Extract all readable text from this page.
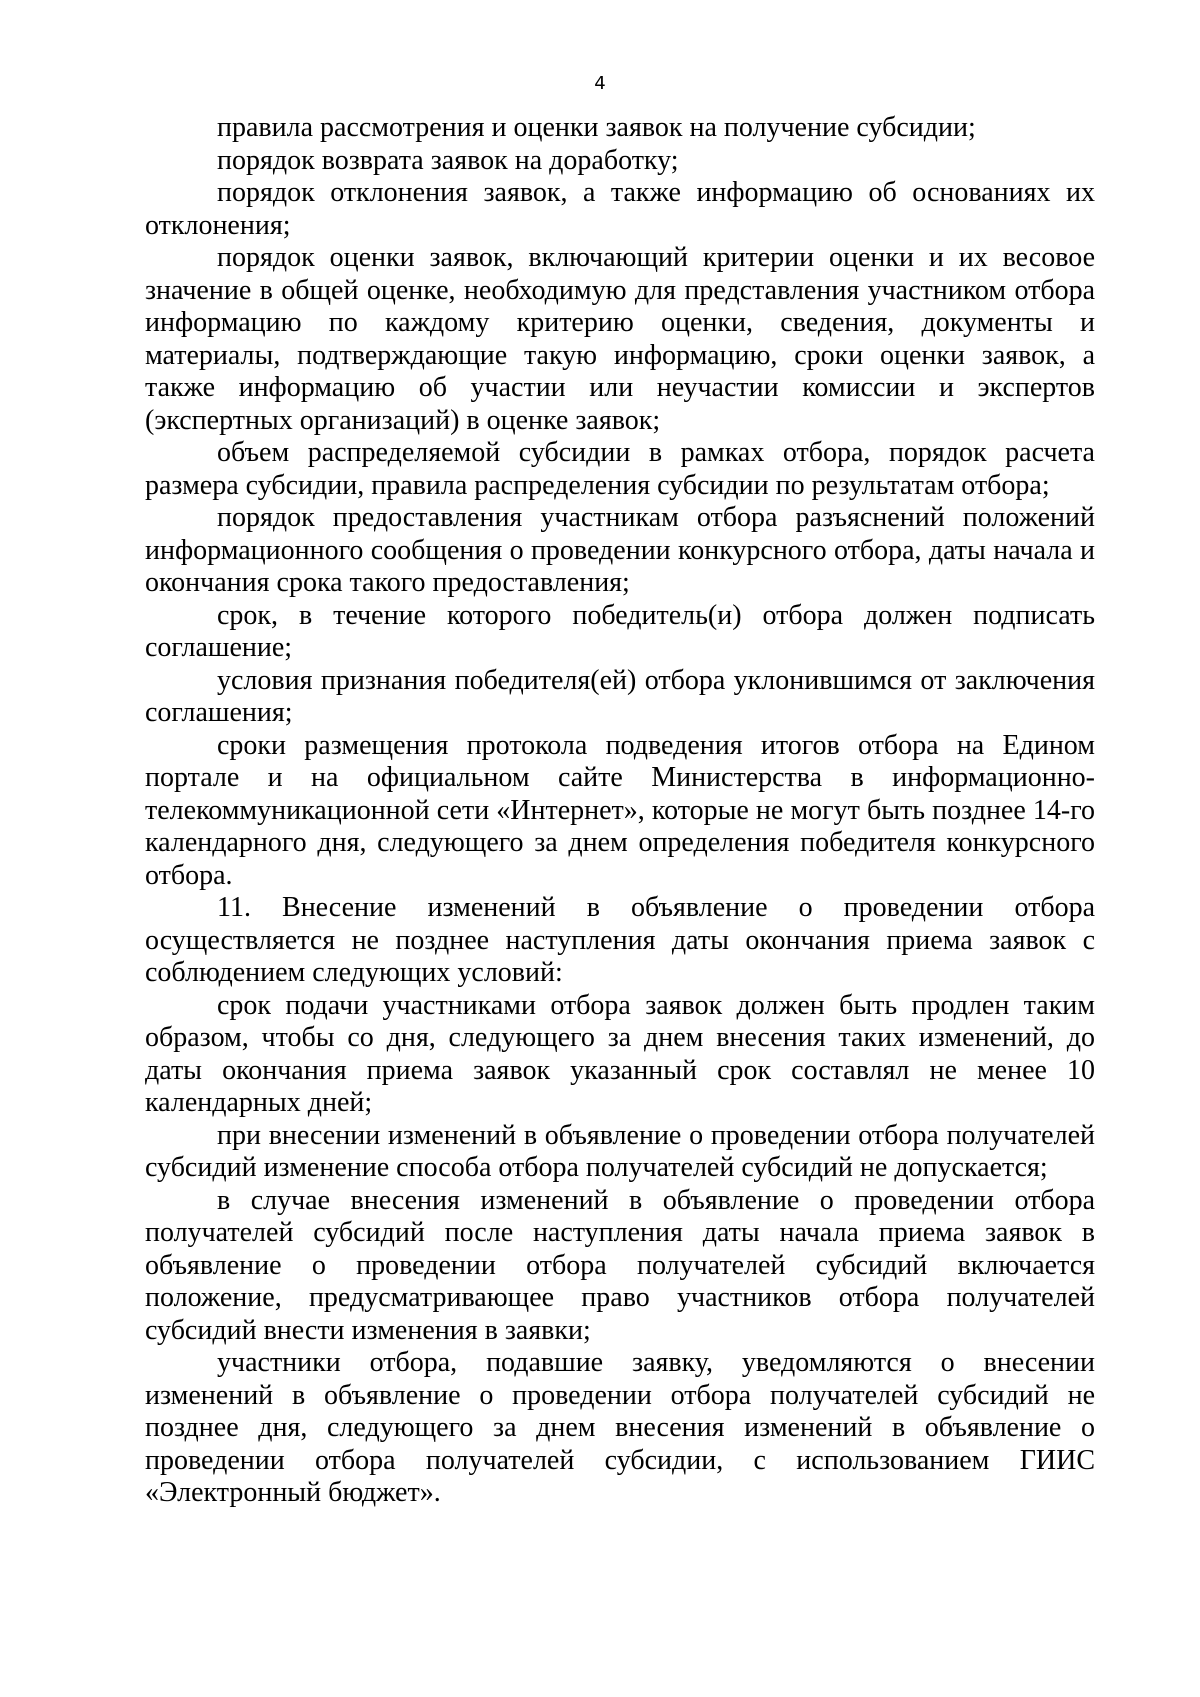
4

правила рассмотрения и оценки заявок на получение субсидии;

порядок возврата заявок на доработку;

порядок отклонения заявок, а также информацию об основаниях их отклонения;

порядок оценки заявок, включающий критерии оценки и их весовое значение в общей оценке, необходимую для представления участником отбора информацию по каждому критерию оценки, сведения, документы и материалы, подтверждающие такую информацию, сроки оценки заявок, а также информацию об участии или неучастии комиссии и экспертов (экспертных организаций) в оценке заявок;

объем распределяемой субсидии в рамках отбора, порядок расчета размера субсидии, правила распределения субсидии по результатам отбора;

порядок предоставления участникам отбора разъяснений положений информационного сообщения о проведении конкурсного отбора, даты начала и окончания срока такого предоставления;

срок, в течение которого победитель(и) отбора должен подписать соглашение;

условия признания победителя(ей) отбора уклонившимся от заключения соглашения;

сроки размещения протокола подведения итогов отбора на Едином портале и на официальном сайте Министерства в информационно-телекоммуникационной сети «Интернет», которые не могут быть позднее 14-го календарного дня, следующего за днем определения победителя конкурсного отбора.

11. Внесение изменений в объявление о проведении отбора осуществляется не позднее наступления даты окончания приема заявок с соблюдением следующих условий:

срок подачи участниками отбора заявок должен быть продлен таким образом, чтобы со дня, следующего за днем внесения таких изменений, до даты окончания приема заявок указанный срок составлял не менее 10 календарных дней;

при внесении изменений в объявление о проведении отбора получателей субсидий изменение способа отбора получателей субсидий не допускается;

в случае внесения изменений в объявление о проведении отбора получателей субсидий после наступления даты начала приема заявок в объявление о проведении отбора получателей субсидий включается положение, предусматривающее право участников отбора получателей субсидий внести изменения в заявки;

участники отбора, подавшие заявку, уведомляются о внесении изменений в объявление о проведении отбора получателей субсидий не позднее дня, следующего за днем внесения изменений в объявление о проведении отбора получателей субсидии, с использованием ГИИС «Электронный бюджет».
